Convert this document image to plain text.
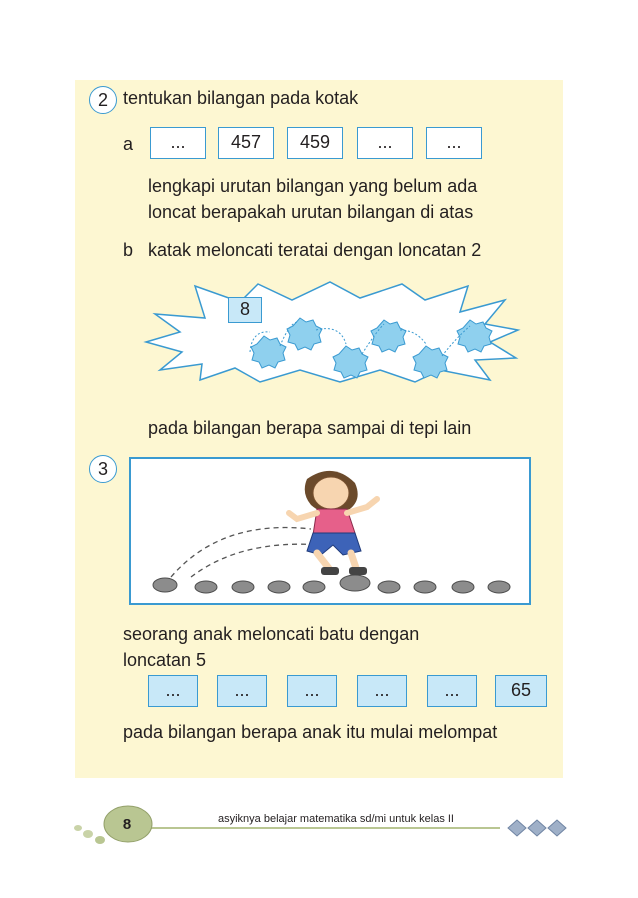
2 tentukan bilangan pada kotak
a	...	457	459	...	...
lengkapi urutan bilangan yang belum ada
loncat berapakah urutan bilangan di atas
b katak meloncati teratai dengan loncatan 2
8
pada bilangan berapa sampai di tepi lain
3
seorang anak meloncati batu dengan
loncatan 5
...	...	...	...	...	65
pada bilangan berapa anak itu mulai melompat
8	asyiknya belajar matematika sd/mi untuk kelas II
